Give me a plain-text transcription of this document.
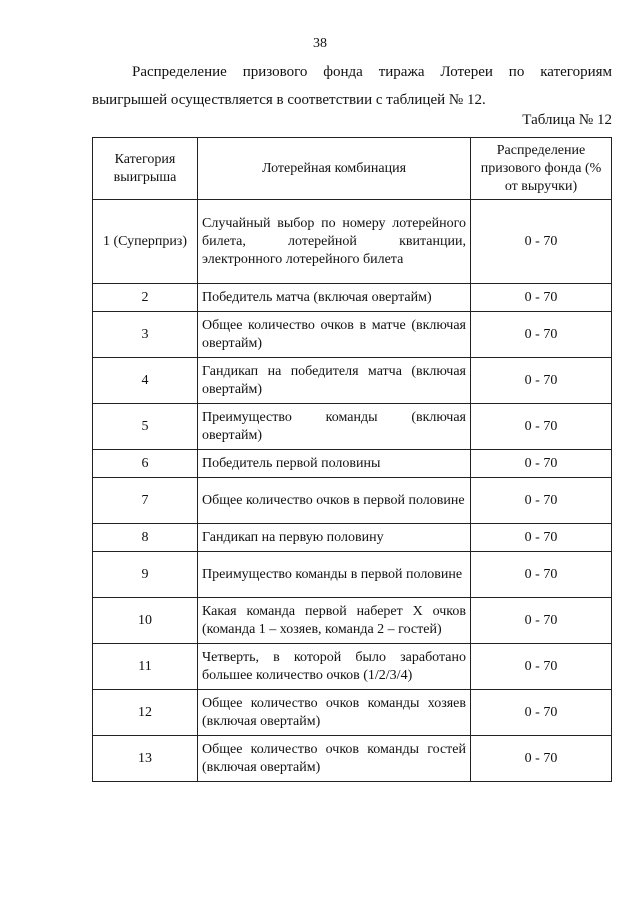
38

Распределение призового фонда тиража Лотереи по категориям
выигрышей осуществляется в соответствии с таблицей № 12.

Таблица № 12
Категория выигрыша	Лотерейная комбинация	Распределение призового фонда (% от выручки)
1 (Суперприз)	Случайный выбор по номеру лотерейного билета, лотерейной квитанции, электронного лотерейного билета	0 - 70
2	Победитель матча (включая овертайм)	0 - 70
3	Общее количество очков в матче (включая овертайм)	0 - 70
4	Гандикап на победителя матча (включая овертайм)	0 - 70
5	Преимущество команды (включая овертайм)	0 - 70
6	Победитель первой половины	0 - 70
7	Общее количество очков в первой половине	0 - 70
8	Гандикап на первую половину	0 - 70
9	Преимущество команды в первой половине	0 - 70
10	Какая команда первой наберет X очков (команда 1 – хозяев, команда 2 – гостей)	0 - 70
11	Четверть, в которой было заработано большее количество очков (1/2/3/4)	0 - 70
12	Общее количество очков команды хозяев (включая овертайм)	0 - 70
13	Общее количество очков команды гостей (включая овертайм)	0 - 70
